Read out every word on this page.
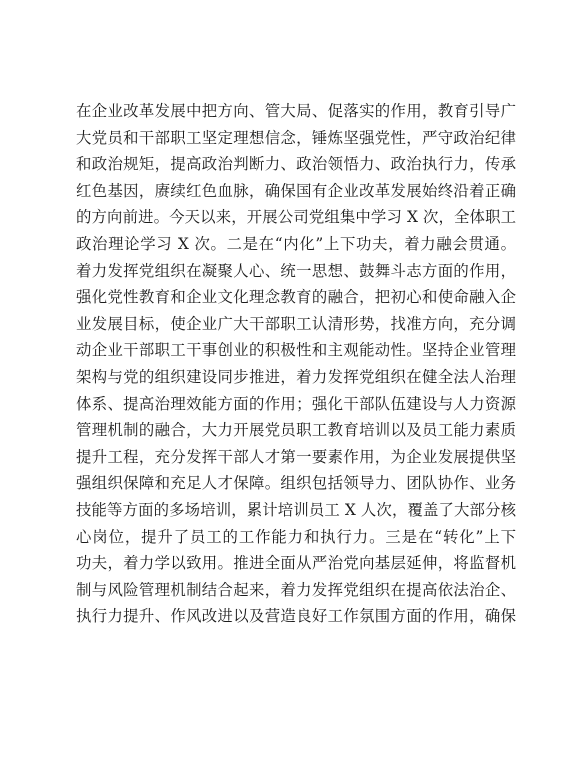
在企业改革发展中把方向、管大局、促落实的作用，教育引导广
大党员和干部职工坚定理想信念，锤炼坚强党性，严守政治纪律
和政治规矩，提高政治判断力、政治领悟力、政治执行力，传承
红色基因，赓续红色血脉，确保国有企业改革发展始终沿着正确
的方向前进。今天以来，开展公司党组集中学习 X 次，全体职工
政治理论学习 X 次。二是在“内化”上下功夫，着力融会贯通。
着力发挥党组织在凝聚人心、统一思想、鼓舞斗志方面的作用，
强化党性教育和企业文化理念教育的融合，把初心和使命融入企
业发展目标，使企业广大干部职工认清形势，找准方向，充分调
动企业干部职工干事创业的积极性和主观能动性。坚持企业管理
架构与党的组织建设同步推进，着力发挥党组织在健全法人治理
体系、提高治理效能方面的作用；强化干部队伍建设与人力资源
管理机制的融合，大力开展党员职工教育培训以及员工能力素质
提升工程，充分发挥干部人才第一要素作用，为企业发展提供坚
强组织保障和充足人才保障。组织包括领导力、团队协作、业务
技能等方面的多场培训，累计培训员工 X 人次，覆盖了大部分核
心岗位，提升了员工的工作能力和执行力。三是在“转化”上下
功夫，着力学以致用。推进全面从严治党向基层延伸，将监督机
制与风险管理机制结合起来，着力发挥党组织在提高依法治企、
执行力提升、作风改进以及营造良好工作氛围方面的作用，确保
